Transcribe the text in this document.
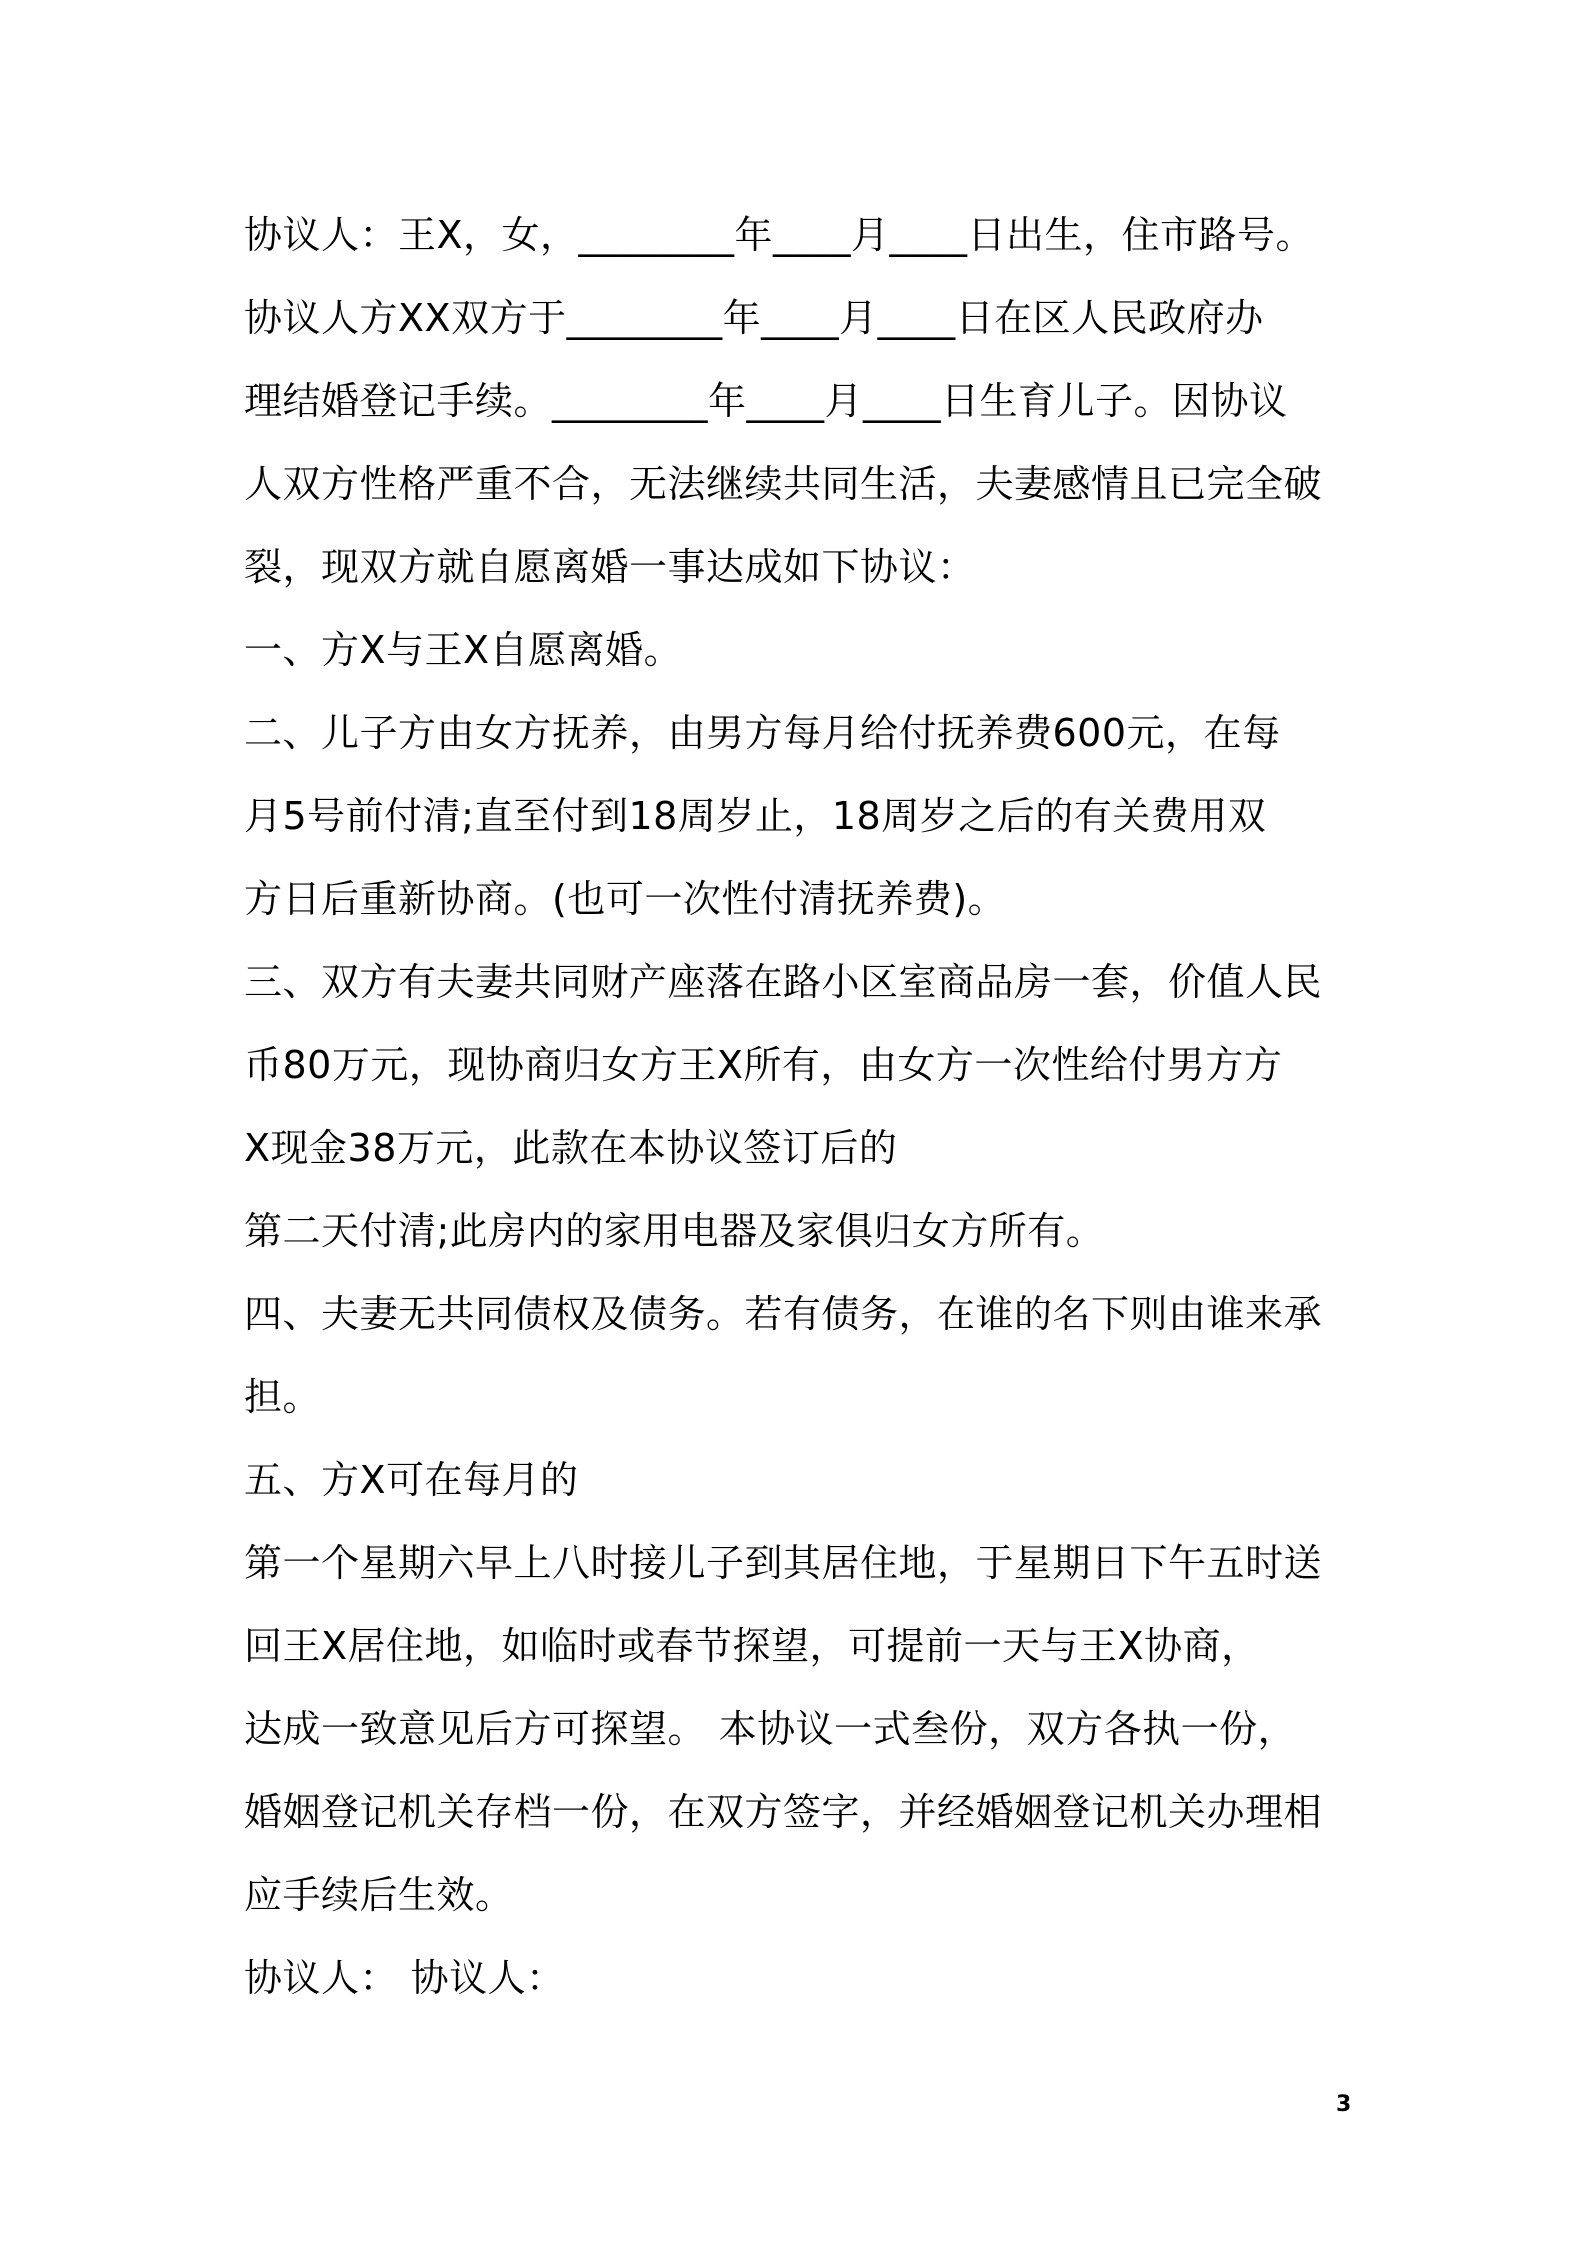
协议人：王X，女，________年____月____日出生，住市路号。
协议人方XX双方于________年____月____日在区人民政府办
理结婚登记手续。________年____月____日生育儿子。因协议
人双方性格严重不合，无法继续共同生活，夫妻感情且已完全破
裂，现双方就自愿离婚一事达成如下协议：
一、方X与王X自愿离婚。
二、儿子方由女方抚养，由男方每月给付抚养费600元，在每
月5号前付清;直至付到18周岁止，18周岁之后的有关费用双
方日后重新协商。(也可一次性付清抚养费)。
三、双方有夫妻共同财产座落在路小区室商品房一套，价值人民
币80万元，现协商归女方王X所有，由女方一次性给付男方方
X现金38万元，此款在本协议签订后的
第二天付清;此房内的家用电器及家俱归女方所有。
四、夫妻无共同债权及债务。若有债务，在谁的名下则由谁来承
担。
五、方X可在每月的
第一个星期六早上八时接儿子到其居住地，于星期日下午五时送
回王X居住地，如临时或春节探望，可提前一天与王X协商，
达成一致意见后方可探望。 本协议一式叁份，双方各执一份，
婚姻登记机关存档一份，在双方签字，并经婚姻登记机关办理相
应手续后生效。
协议人： 协议人：
3
